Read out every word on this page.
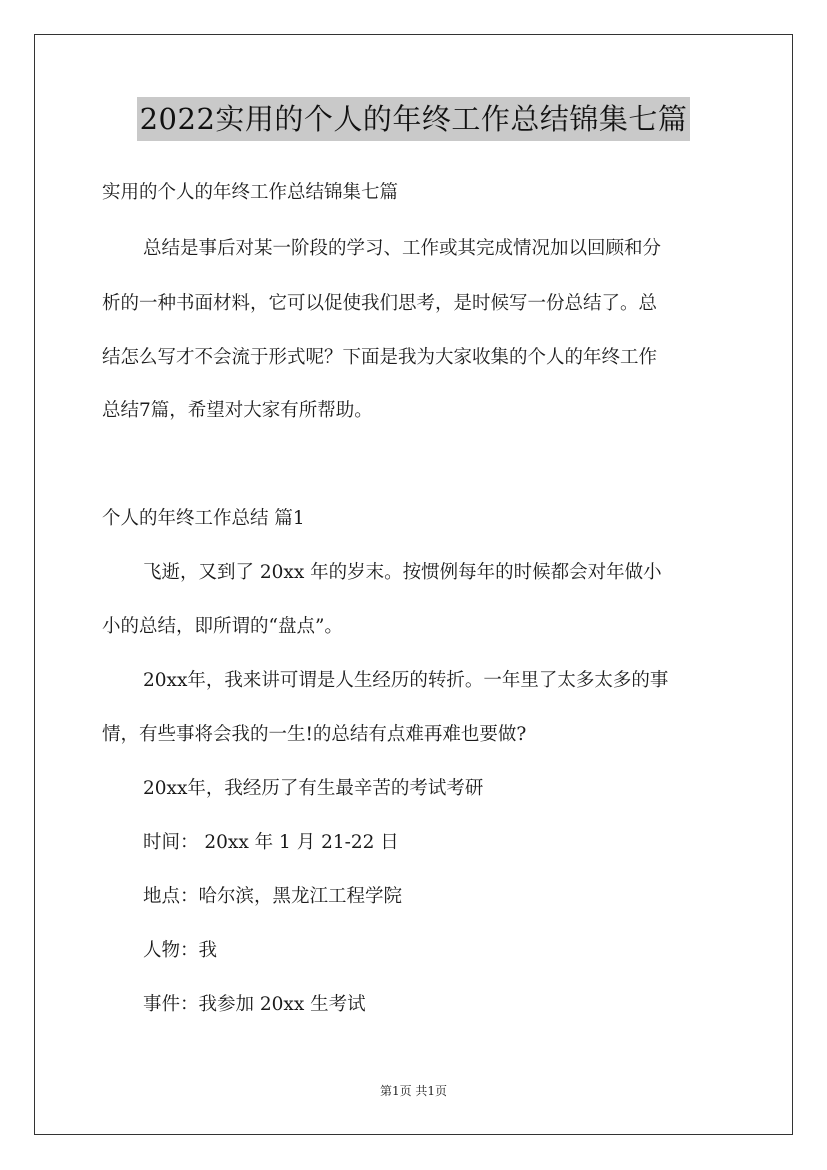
2022实用的个人的年终工作总结锦集七篇
实用的个人的年终工作总结锦集七篇
总结是事后对某一阶段的学习、工作或其完成情况加以回顾和分
析的一种书面材料，它可以促使我们思考，是时候写一份总结了。总
结怎么写才不会流于形式呢？下面是我为大家收集的个人的年终工作
总结7篇，希望对大家有所帮助。
个人的年终工作总结 篇1
飞逝，又到了 20xx 年的岁末。按惯例每年的时候都会对年做小
小的总结，即所谓的“盘点”。
20xx年，我来讲可谓是人生经历的转折。一年里了太多太多的事
情，有些事将会我的一生!的总结有点难再难也要做?
20xx年，我经历了有生最辛苦的考试考研
时间： 20xx 年 1 月 21-22 日
地点：哈尔滨，黑龙江工程学院
人物：我
事件：我参加 20xx 生考试
第1页 共1页
